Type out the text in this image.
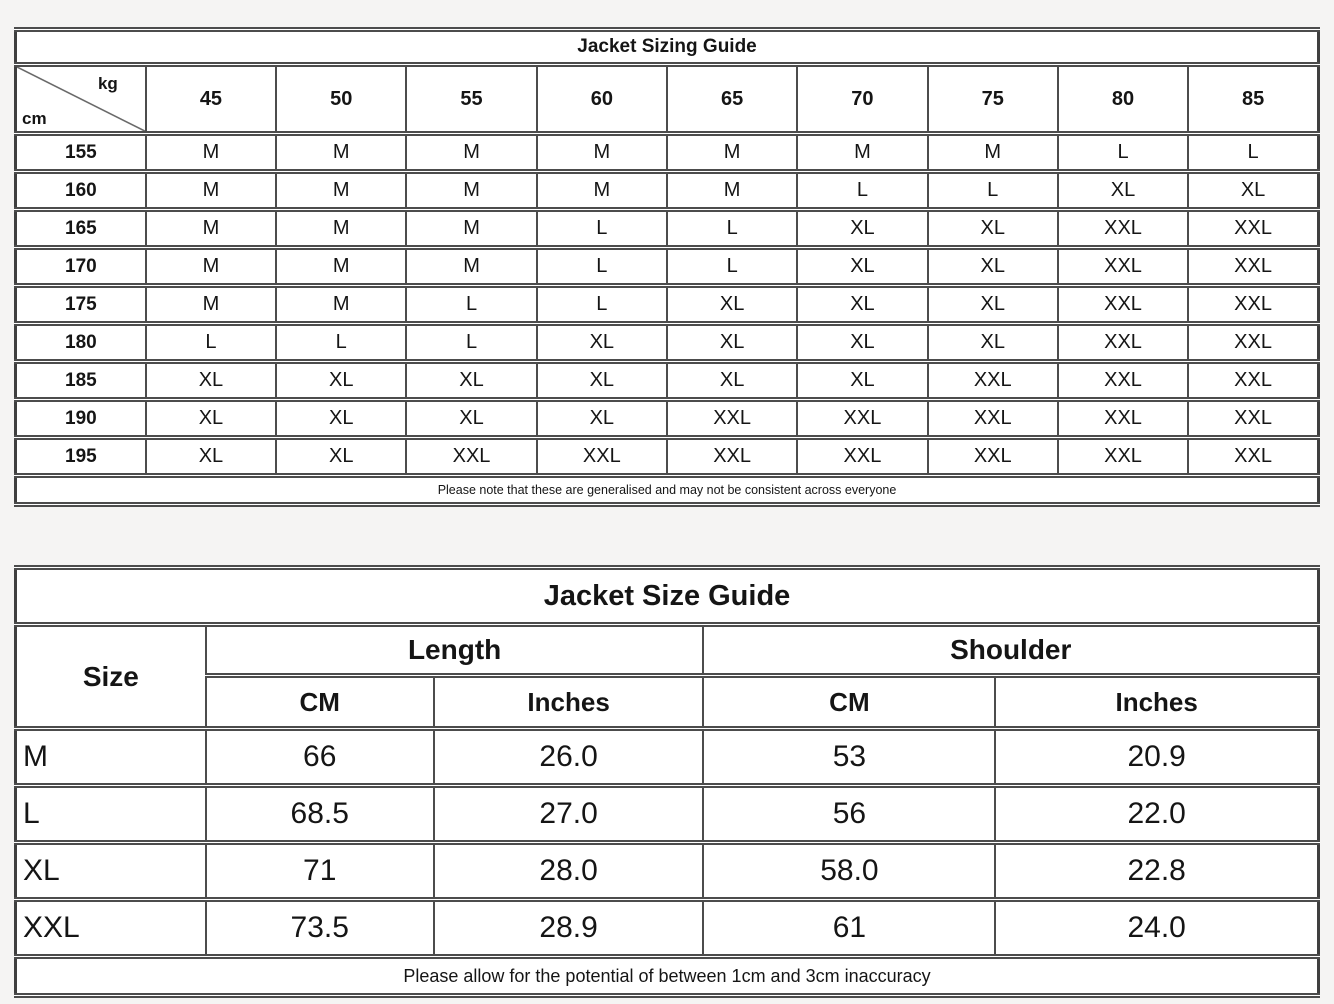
Jacket Sizing Guide									

kg
cm	45	50	55	60	65	70	75	80	85
155	M	M	M	M	M	M	M	L	L
160	M	M	M	M	M	L	L	XL	XL
165	M	M	M	L	L	XL	XL	XXL	XXL
170	M	M	M	L	L	XL	XL	XXL	XXL
175	M	M	L	L	XL	XL	XL	XXL	XXL
180	L	L	L	XL	XL	XL	XL	XXL	XXL
185	XL	XL	XL	XL	XL	XL	XXL	XXL	XXL
190	XL	XL	XL	XL	XXL	XXL	XXL	XXL	XXL
195	XL	XL	XXL	XXL	XXL	XXL	XXL	XXL	XXL
Please note that these are generalised and may not be consistent across everyone									
Jacket Size Guide				
Size	Length		Shoulder	
	CM	Inches	CM	Inches
M	66	26.0	53	20.9
L	68.5	27.0	56	22.0
XL	71	28.0	58.0	22.8
XXL	73.5	28.9	61	24.0
Please allow for the potential of between 1cm and 3cm inaccuracy				
